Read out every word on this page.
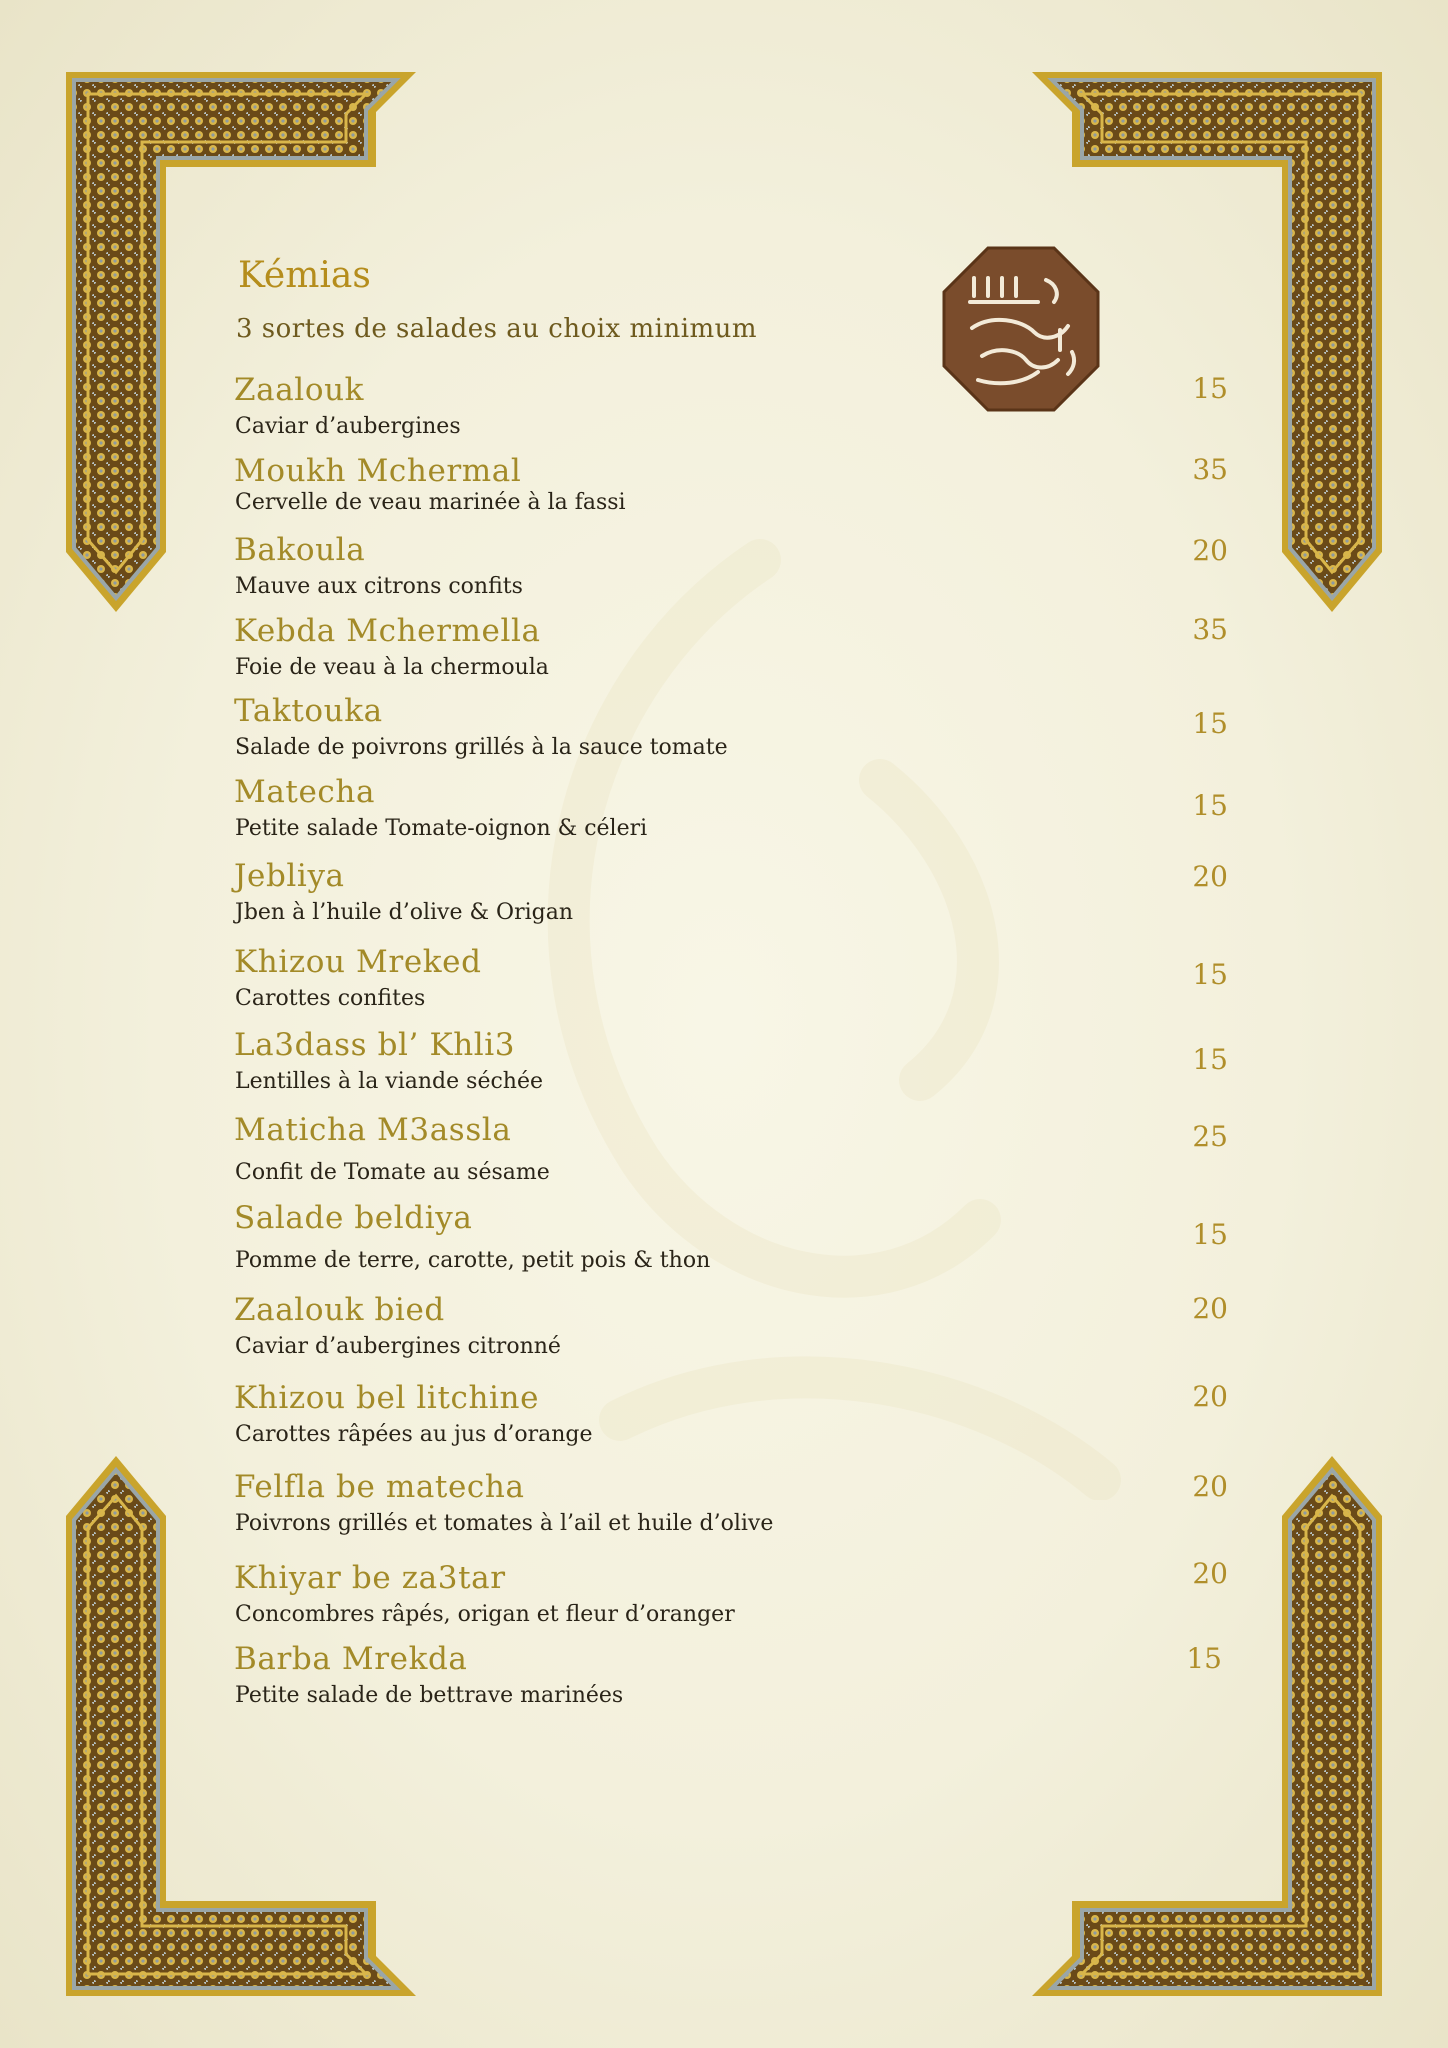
Kémias
3 sortes de salades au choix minimum
Zaalouk
Caviar d’aubergines
15
Moukh Mchermal
Cervelle de veau marinée à la fassi
35
Bakoula
Mauve aux citrons confits
20
Kebda Mchermella
Foie de veau à la chermoula
35
Taktouka
Salade de poivrons grillés à la sauce tomate
15
Matecha
Petite salade Tomate-oignon & céleri
15
Jebliya
Jben à l’huile d’olive & Origan
20
Khizou Mreked
Carottes confites
15
La3dass bl’ Khli3
Lentilles à la viande séchée
15
Maticha M3assla
Confit de Tomate au sésame
25
Salade beldiya
Pomme de terre, carotte, petit pois & thon
15
Zaalouk bied
Caviar d’aubergines citronné
20
Khizou bel litchine
Carottes râpées au jus d’orange
20
Felfla be matecha
Poivrons grillés et tomates à l’ail et huile d’olive
20
Khiyar be za3tar
Concombres râpés, origan et fleur d’oranger
20
Barba Mrekda
Petite salade de bettrave marinées
15
